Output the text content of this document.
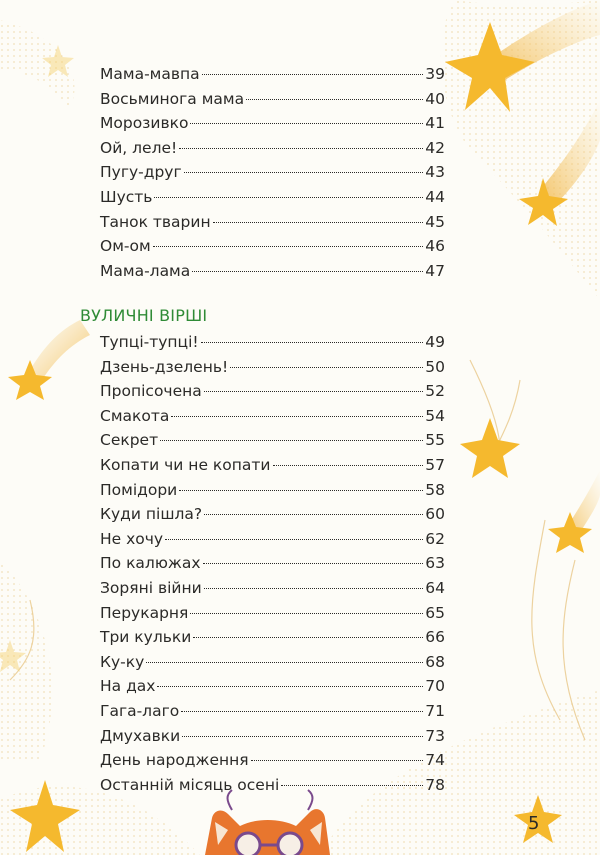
Мама-мавпа	39
Восьминога мама	40
Морозивко	41
Ой, леле!	42
Пугу-друг	43
Шусть	44
Танок тварин	45
Ом-ом	46
Мама-лама	47
ВУЛИЧНІ ВІРШІ
Тупці-тупці!	49
Дзень-дзелень!	50
Пропісочена	52
Смакота	54
Секрет	55
Копати чи не копати	57
Помідори	58
Куди пішла?	60
Не хочу	62
По калюжах	63
Зоряні війни	64
Перукарня	65
Три кульки	66
Ку-ку	68
На дах	70
Гага-лаго	71
Дмухавки	73
День народження	74
Останній місяць осені	78
5
